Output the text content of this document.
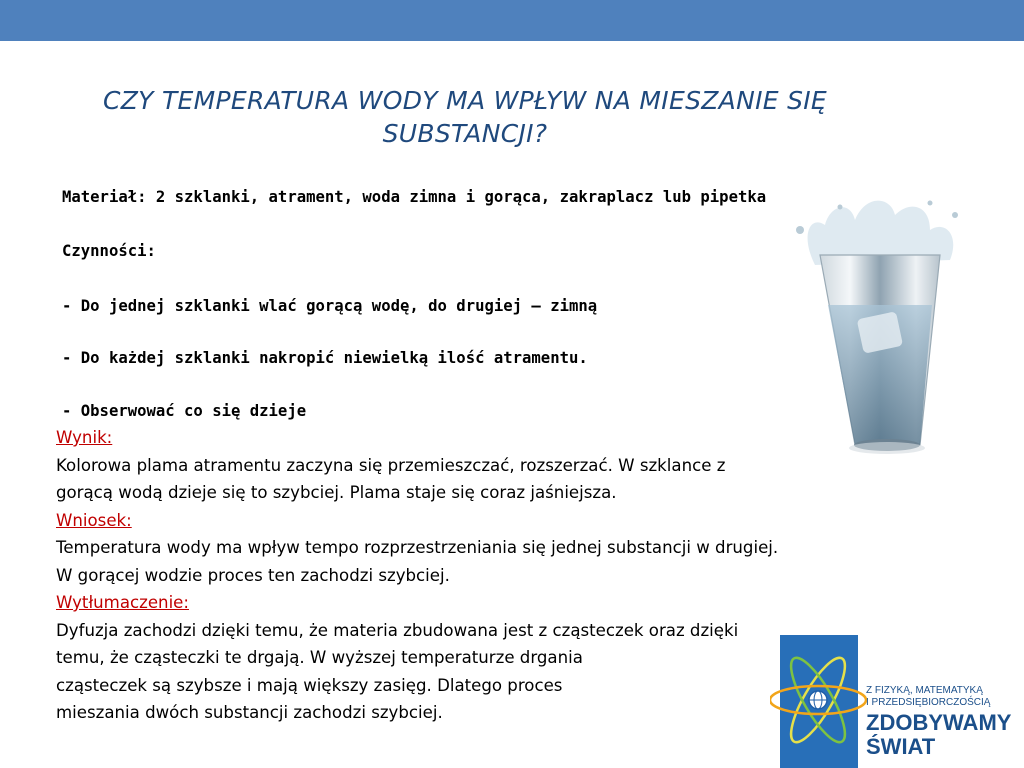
CZY TEMPERATURA WODY MA WPŁYW NA MIESZANIE SIĘ SUBSTANCJI?
Materiał: 2 szklanki, atrament, woda zimna i gorąca, zakraplacz lub pipetka
Czynności:
- Do jednej szklanki wlać gorącą wodę, do drugiej – zimną
- Do każdej szklanki nakropić niewielką ilość atramentu.
- Obserwować co się dzieje
Wynik:
Kolorowa plama atramentu zaczyna się przemieszczać, rozszerzać. W szklance z
gorącą wodą dzieje się to szybciej. Plama staje się coraz jaśniejsza.
Wniosek:
Temperatura wody ma wpływ tempo rozprzestrzeniania się jednej substancji w drugiej.
W gorącej wodzie proces ten zachodzi szybciej.
Wytłumaczenie:
Dyfuzja zachodzi dzięki temu, że materia zbudowana jest z cząsteczek oraz dzięki
temu, że cząsteczki te drgają. W wyższej temperaturze drgania
cząsteczek są szybsze i mają większy zasięg. Dlatego proces
mieszania dwóch substancji zachodzi szybciej.
Z FIZYKĄ, MATEMATYKĄ
I PRZEDSIĘBIORCZOŚCIĄ
ZDOBYWAMY
ŚWIAT
